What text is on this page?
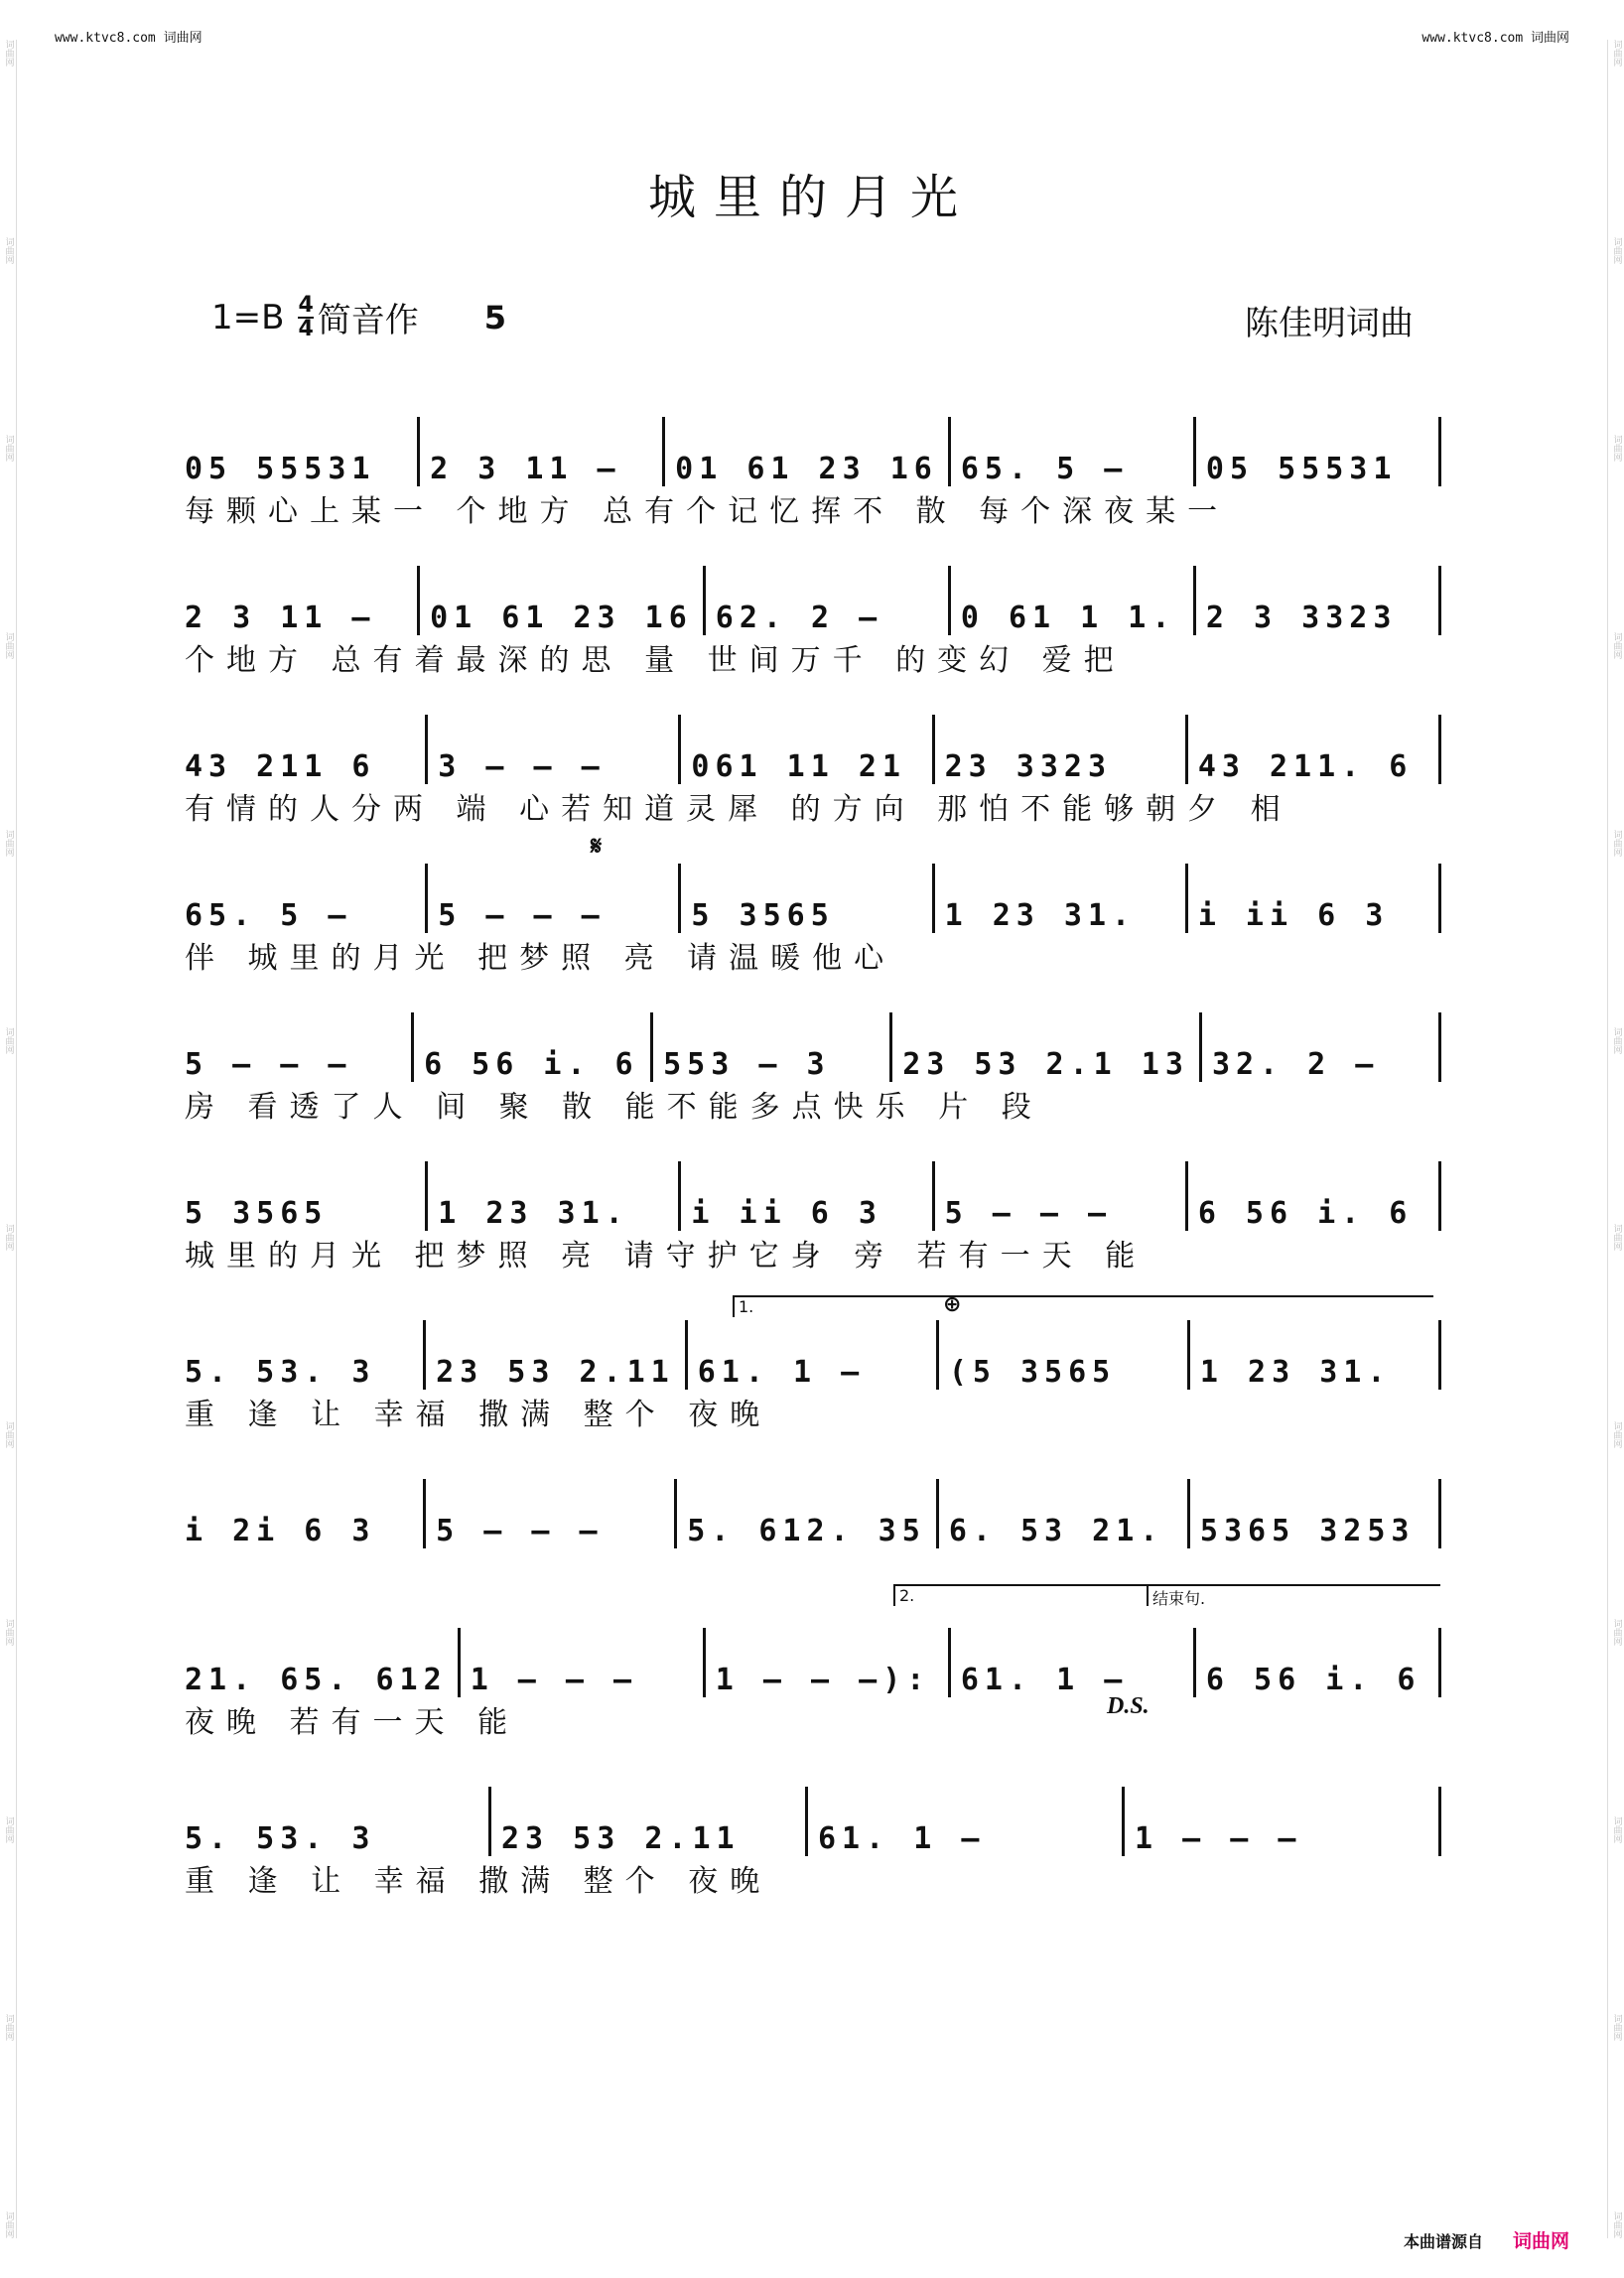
词曲网
词曲网
词曲网
词曲网
词曲网
词曲网
词曲网
词曲网
词曲网
词曲网
词曲网
词曲网
词曲网
词曲网
词曲网
词曲网
词曲网
词曲网
词曲网
词曲网
词曲网
词曲网
词曲网
词曲网
www.ktvc8.com 词曲网	www.ktvc8.com 词曲网
城里的月光
$1=B \frac{4}{4}$ 简音作 5	陈佳明词曲
05 55531	2 3 11 –	01 61 23 16 65. 5 –	05 55531
每颗心上某一 个地方 总有个记忆挥不 散 每个深夜某一
2 3 11 –	01 61 23 16 62. 2 –	0 61 1 1.	2 3 3323
个地方 总有着最深的思 量 世间万千 的变幻 爱把
43 211 6	3 – – –	061 11 21	23 3323	43 211. 6
有情的人分两 端 心若知道灵犀 的方向 那怕不能够朝夕 相
65. 5 –	5 – – –	5 3565	1 23 31.	i ii 6 3
伴 城里的月光 把梦照 亮 请温暖他心
5 – – –	6 56 i. 6 553 – 3	23 53 2.1 13 32. 2 –
房 看透了人 间 聚 散 能不能多点快乐 片 段
5 3565	1 23 31.	i ii 6 3	5 – – –	6 56 i. 6
城里的月光 把梦照 亮 请守护它身 旁 若有一天 能
5. 53. 3	23 53 2.11 61. 1 –	(5 3565	1 23 31.
重 逢 让 幸福 撒满 整个 夜晚
i 2i 6 3	5 – – –	5. 612. 35 6. 53 21.	5365 3253
21. 65. 612 1 – – –	1 – – –):	61. 1 –	6 56 i. 6
夜晚 若有一天 能
5. 53. 3	23 53 2.11	61. 1 –	1 – – –
重 逢 让 幸福 撒满 整个 夜晚
𝄋
1.	⊕
2.	结束句.
D.S.
本曲谱源自 词曲网
